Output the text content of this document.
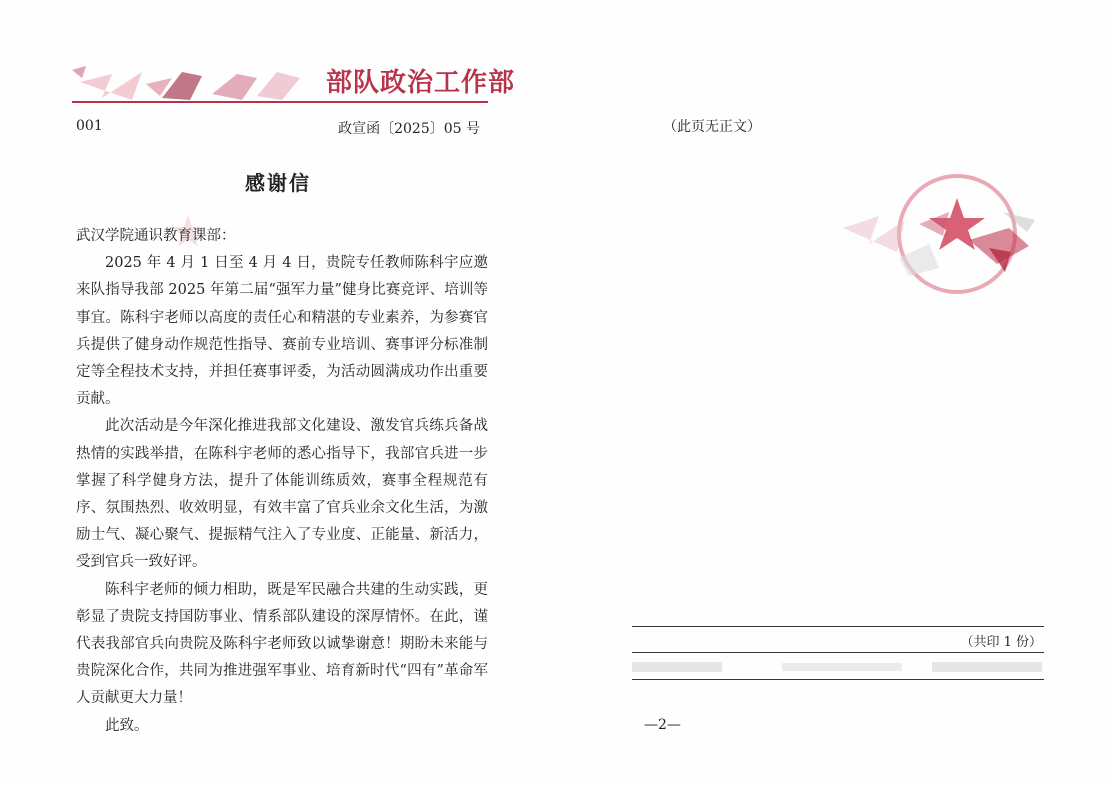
部队政治工作部
001	政宣函〔2025〕05 号
感谢信

武汉学院通识教育课部：

2025 年 4 月 1 日至 4 月 4 日，贵院专任教师陈科宇应邀来队指导我部 2025 年第二届“强军力量”健身比赛竞评、培训等事宜。陈科宇老师以高度的责任心和精湛的专业素养，为参赛官兵提供了健身动作规范性指导、赛前专业培训、赛事评分标准制定等全程技术支持，并担任赛事评委，为活动圆满成功作出重要贡献。

此次活动是今年深化推进我部文化建设、激发官兵练兵备战热情的实践举措，在陈科宇老师的悉心指导下，我部官兵进一步掌握了科学健身方法，提升了体能训练质效，赛事全程规范有序、氛围热烈、收效明显，有效丰富了官兵业余文化生活，为激励士气、凝心聚气、提振精气注入了专业度、正能量、新活力，受到官兵一致好评。

陈科宇老师的倾力相助，既是军民融合共建的生动实践，更彰显了贵院支持国防事业、情系部队建设的深厚情怀。在此，谨代表我部官兵向贵院及陈科宇老师致以诚挚谢意！期盼未来能与贵院深化合作，共同为推进强军事业、培育新时代“四有”革命军人贡献更大力量！

此致。

（此页无正文）
（共印 1 份）
—2—
